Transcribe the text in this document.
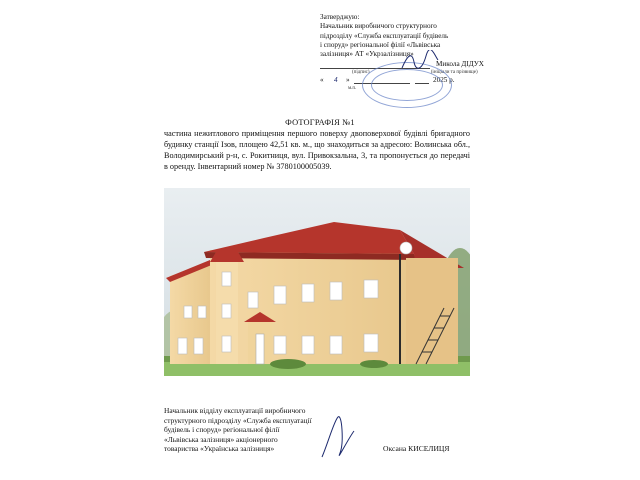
Затверджую:
Начальник виробничого структурного
підрозділу «Служба експлуатації будівель
і споруд» регіональної філії «Львівська
залізниця» АТ «Укрзалізниця»
Микола ДІДУХ
(підпис)	(ініціали та прізвище)
« 4 »	2025 р.
м.п.
ФОТОГРАФІЯ №1
частина нежитлового приміщення першого поверху двоповерхової будівлі бригадного будинку станції Ізов, площею 42,51 кв. м., що знаходиться за адресою: Волинська обл., Володимирський р-н, с. Рокитниця, вул. Привокзальна, 3, та пропонується до передачі в оренду. Інвентарний номер № 3780100005039.
Начальник відділу експлуатації виробничого
структурного підрозділу «Служба експлуатації
будівель і споруд» регіональної філії
«Львівська залізниця» акціонерного
товариства «Українська залізниця»	Оксана КИСЕЛИЦЯ
